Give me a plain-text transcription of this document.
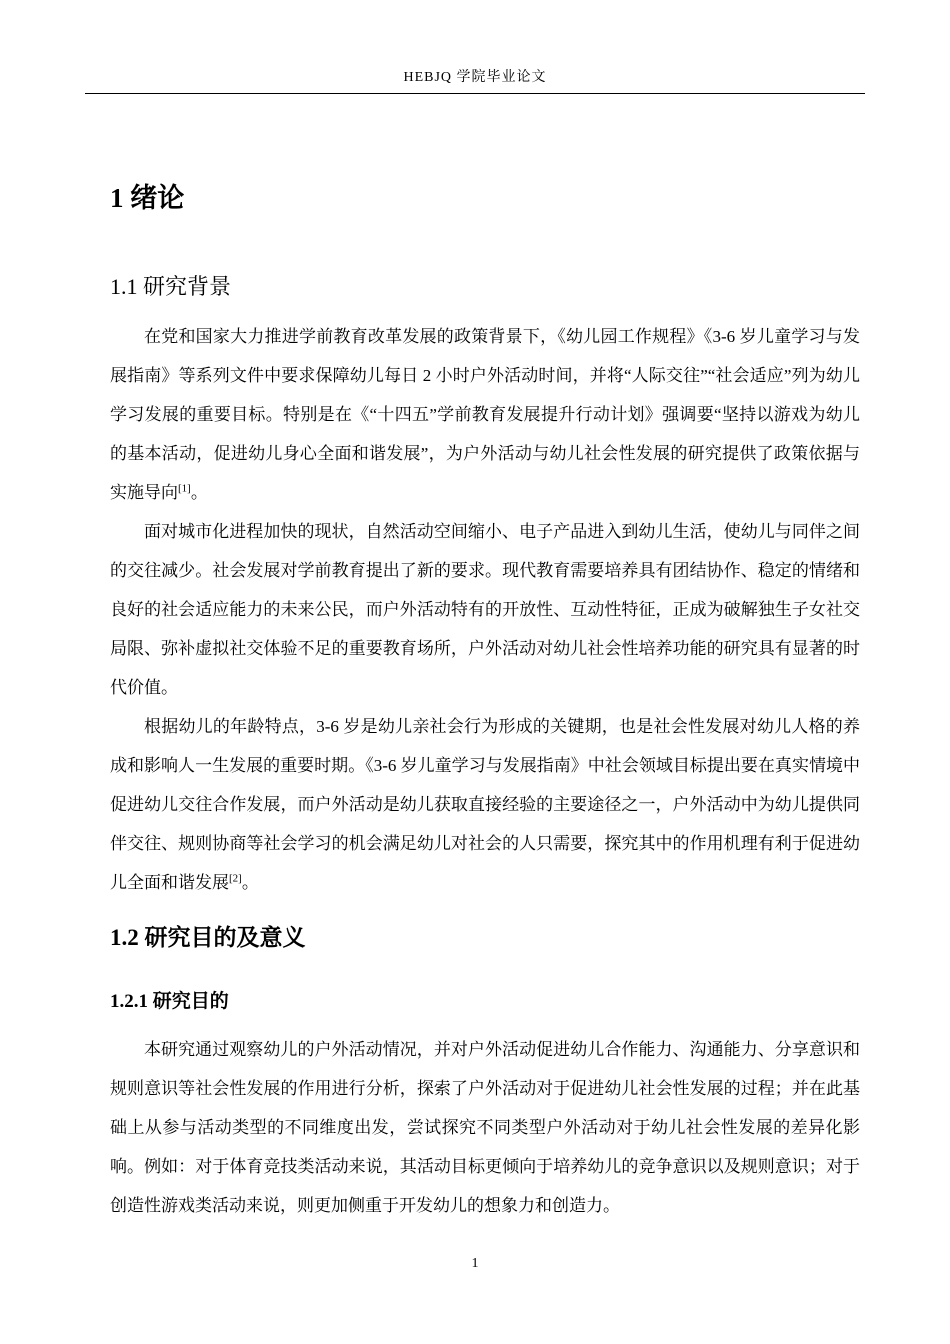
HEBJQ 学院毕业论文
1 绪论
1.1 研究背景

在党和国家大力推进学前教育改革发展的政策背景下，《幼儿园工作规程》《3-6 岁儿童学习与发展指南》等系列文件中要求保障幼儿每日 2 小时户外活动时间，并将“人际交往”“社会适应”列为幼儿学习发展的重要目标。特别是在《“十四五”学前教育发展提升行动计划》强调要“坚持以游戏为幼儿的基本活动，促进幼儿身心全面和谐发展”，为户外活动与幼儿社会性发展的研究提供了政策依据与实施导向[1]。

面对城市化进程加快的现状，自然活动空间缩小、电子产品进入到幼儿生活，使幼儿与同伴之间的交往减少。社会发展对学前教育提出了新的要求。现代教育需要培养具有团结协作、稳定的情绪和良好的社会适应能力的未来公民，而户外活动特有的开放性、互动性特征，正成为破解独生子女社交局限、弥补虚拟社交体验不足的重要教育场所，户外活动对幼儿社会性培养功能的研究具有显著的时代价值。

根据幼儿的年龄特点，3-6 岁是幼儿亲社会行为形成的关键期，也是社会性发展对幼儿人格的养成和影响人一生发展的重要时期。《3-6 岁儿童学习与发展指南》中社会领域目标提出要在真实情境中促进幼儿交往合作发展，而户外活动是幼儿获取直接经验的主要途径之一，户外活动中为幼儿提供同伴交往、规则协商等社会学习的机会满足幼儿对社会的人只需要，探究其中的作用机理有利于促进幼儿全面和谐发展[2]。

1.2 研究目的及意义
1.2.1 研究目的

本研究通过观察幼儿的户外活动情况，并对户外活动促进幼儿合作能力、沟通能力、分享意识和规则意识等社会性发展的作用进行分析，探索了户外活动对于促进幼儿社会性发展的过程；并在此基础上从参与活动类型的不同维度出发，尝试探究不同类型户外活动对于幼儿社会性发展的差异化影响。例如：对于体育竞技类活动来说，其活动目标更倾向于培养幼儿的竞争意识以及规则意识；对于创造性游戏类活动来说，则更加侧重于开发幼儿的想象力和创造力。

1
